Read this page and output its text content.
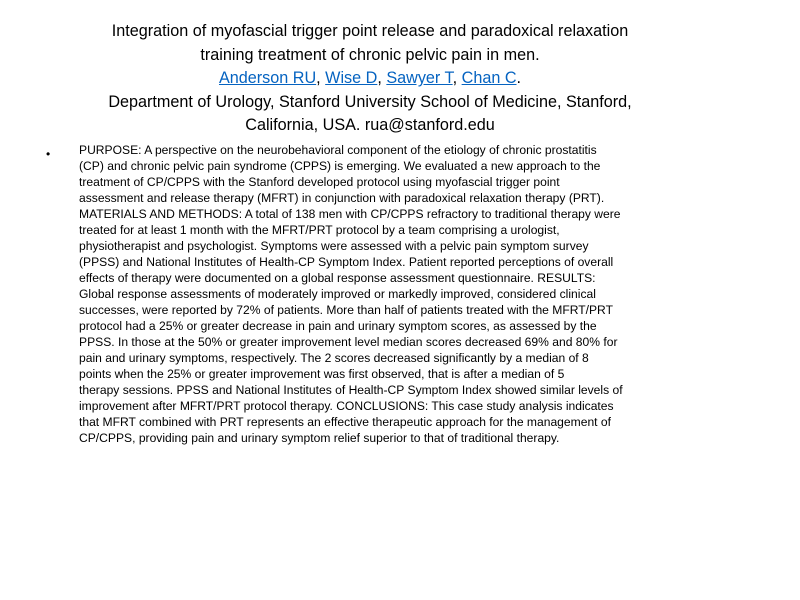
Integration of myofascial trigger point release and paradoxical relaxation
training treatment of chronic pelvic pain in men.
Anderson RU, Wise D, Sawyer T, Chan C.
Department of Urology, Stanford University School of Medicine, Stanford,
California, USA. rua@stanford.edu
• PURPOSE: A perspective on the neurobehavioral component of the etiology of chronic prostatitis
(CP) and chronic pelvic pain syndrome (CPPS) is emerging. We evaluated a new approach to the
treatment of CP/CPPS with the Stanford developed protocol using myofascial trigger point
assessment and release therapy (MFRT) in conjunction with paradoxical relaxation therapy (PRT).
MATERIALS AND METHODS: A total of 138 men with CP/CPPS refractory to traditional therapy were
treated for at least 1 month with the MFRT/PRT protocol by a team comprising a urologist,
physiotherapist and psychologist. Symptoms were assessed with a pelvic pain symptom survey
(PPSS) and National Institutes of Health-CP Symptom Index. Patient reported perceptions of overall
effects of therapy were documented on a global response assessment questionnaire. RESULTS:
Global response assessments of moderately improved or markedly improved, considered clinical
successes, were reported by 72% of patients. More than half of patients treated with the MFRT/PRT
protocol had a 25% or greater decrease in pain and urinary symptom scores, as assessed by the
PPSS. In those at the 50% or greater improvement level median scores decreased 69% and 80% for
pain and urinary symptoms, respectively. The 2 scores decreased significantly by a median of 8
points when the 25% or greater improvement was first observed, that is after a median of 5
therapy sessions. PPSS and National Institutes of Health-CP Symptom Index showed similar levels of
improvement after MFRT/PRT protocol therapy. CONCLUSIONS: This case study analysis indicates
that MFRT combined with PRT represents an effective therapeutic approach for the management of
CP/CPPS, providing pain and urinary symptom relief superior to that of traditional therapy.
